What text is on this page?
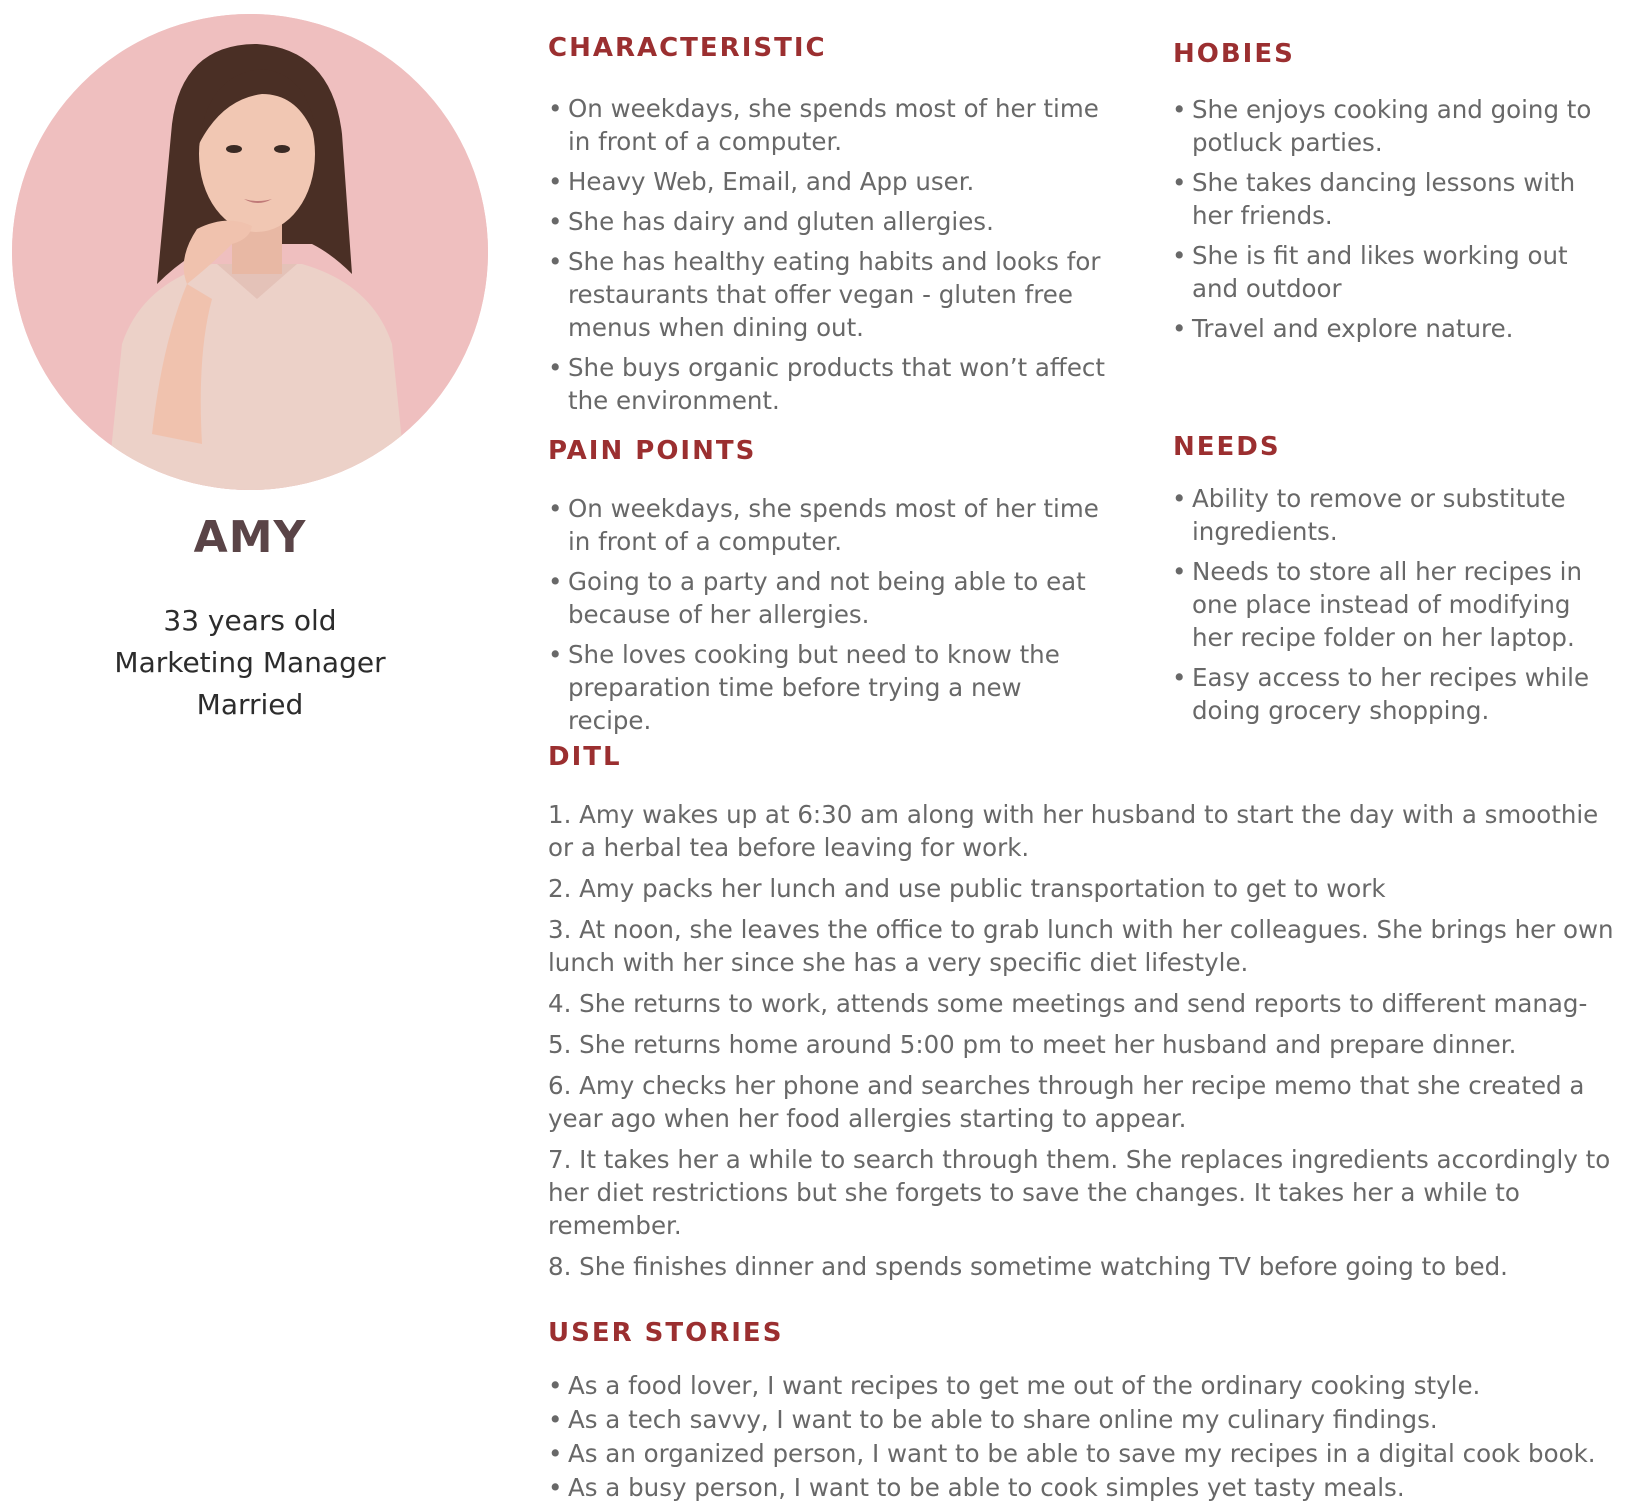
AMY
33 years old
Marketing Manager
Married
CHARACTERISTIC
• On weekdays, she spends most of her time in front of a computer.
• Heavy Web, Email, and App user.
• She has dairy and gluten allergies.
• She has healthy eating habits and looks for restaurants that offer vegan - gluten free menus when dining out.
• She buys organic products that won’t affect the environment.
HOBIES
• She enjoys cooking and going to potluck parties.
• She takes dancing lessons with her friends.
• She is fit and likes working out and outdoor
• Travel and explore nature.
PAIN POINTS
• On weekdays, she spends most of her time in front of a computer.
• Going to a party and not being able to eat because of her allergies.
• She loves cooking but need to know the preparation time before trying a new recipe.
NEEDS
• Ability to remove or substitute ingredients.
• Needs to store all her recipes in one place instead of modifying her recipe folder on her laptop.
• Easy access to her recipes while doing grocery shopping.
DITL
1. Amy wakes up at 6:30 am along with her husband to start the day with a smoothie or a herbal tea before leaving for work.
2. Amy packs her lunch and use public transportation to get to work
3. At noon, she leaves the office to grab lunch with her colleagues. She brings her own lunch with her since she has a very specific diet lifestyle.
4. She returns to work, attends some meetings and send reports to different manag-
5. She returns home around 5:00 pm to meet her husband and prepare dinner.
6. Amy checks her phone and searches through her recipe memo that she created a year ago when her food allergies starting to appear.
7. It takes her a while to search through them. She replaces ingredients accordingly to her diet restrictions but she forgets to save the changes. It takes her a while to remember.
8. She finishes dinner and spends sometime watching TV before going to bed.
USER STORIES
• As a food lover, I want recipes to get me out of the ordinary cooking style.
• As a tech savvy, I want to be able to share online my culinary findings.
• As an organized person, I want to be able to save my recipes in a digital cook book.
• As a busy person, I want to be able to cook simples yet tasty meals.
